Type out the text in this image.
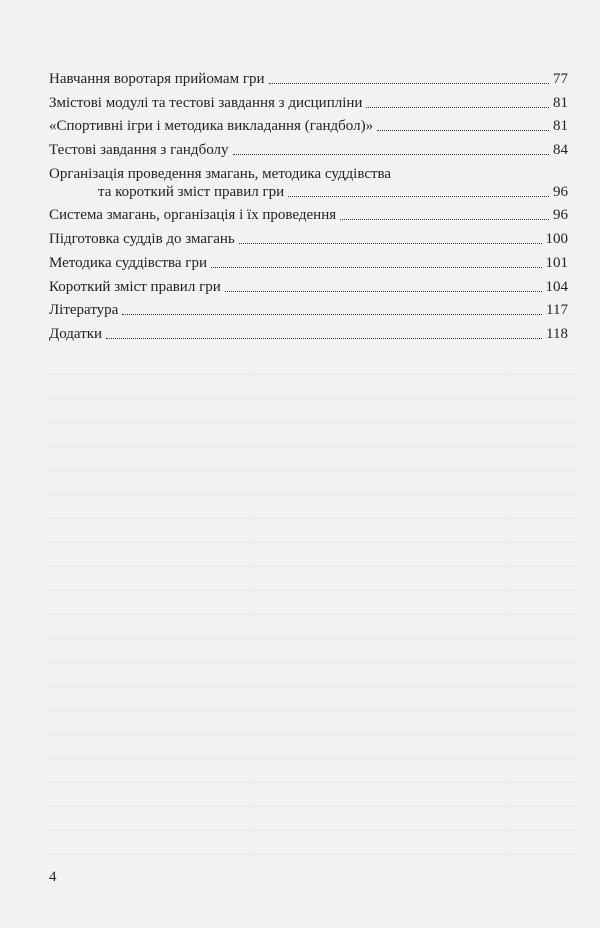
Навчання воротаря прийомам гри	77
Змістові модулі та тестові завдання з дисципліни	81
«Спортивні ігри і методика викладання (гандбол)»	81
Тестові завдання з гандболу	84
Організація проведення змагань, методика суддівства
та короткий зміст правил гри	96
Система змагань, організація і їх проведення	96
Підготовка суддів до змагань	100
Методика суддівства гри	101
Короткий зміст правил гри	104
Література	117
Додатки	118
4
